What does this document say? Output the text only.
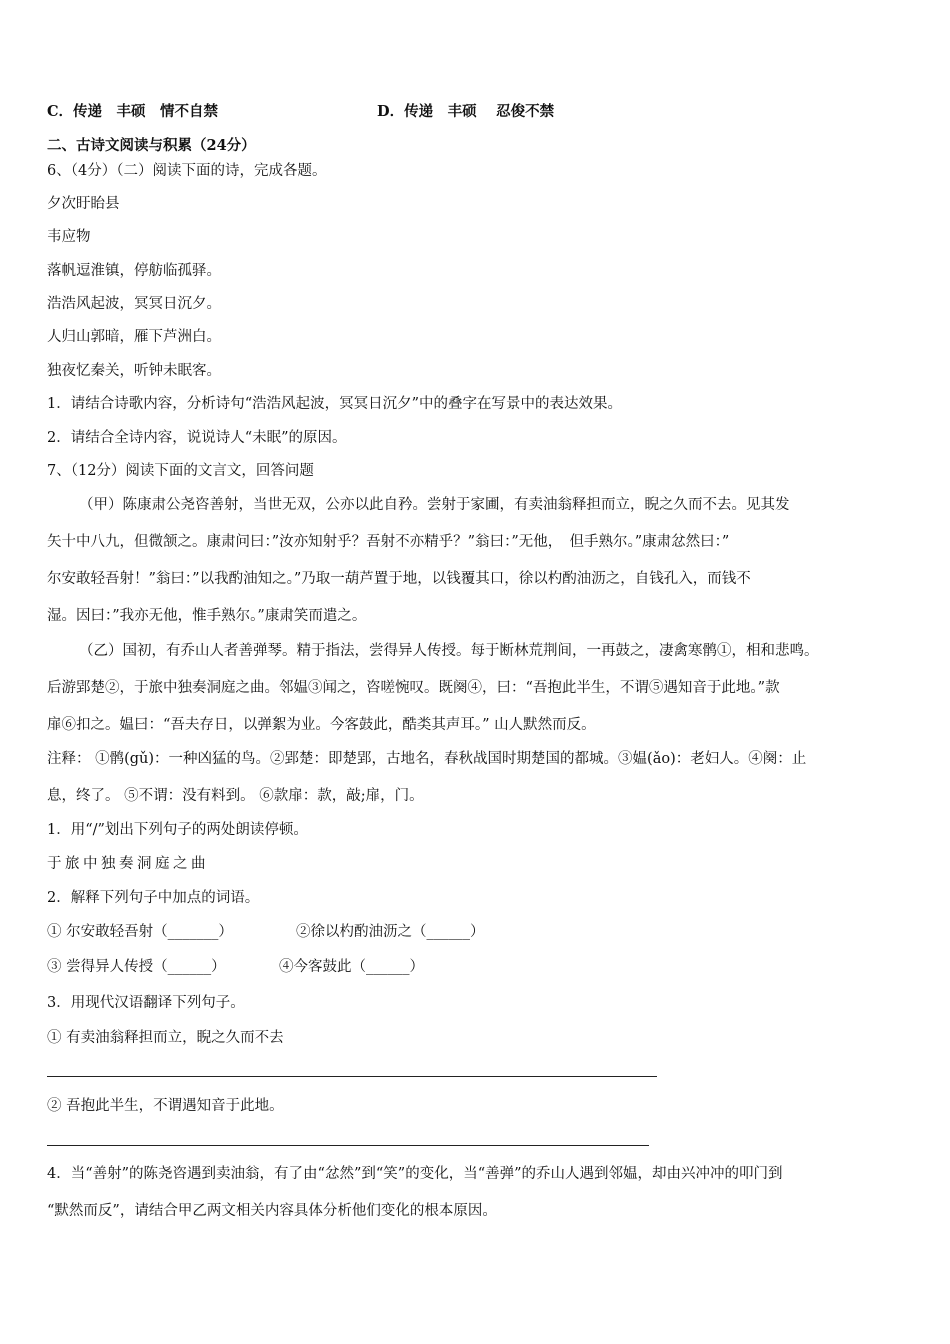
C．传递　丰硕　情不自禁	D．传递　丰硕　 忍俊不禁
二、古诗文阅读与积累（24分）
6、（4分）（二）阅读下面的诗，完成各题。
夕次盱眙县
韦应物
落帆逗淮镇，停舫临孤驿。
浩浩风起波，冥冥日沉夕。
人归山郭暗，雁下芦洲白。
独夜忆秦关，听钟未眠客。
1．请结合诗歌内容，分析诗句“浩浩风起波，冥冥日沉夕”中的叠字在写景中的表达效果。
2．请结合全诗内容，说说诗人“未眠”的原因。
7、（12分）阅读下面的文言文，回答问题
（甲）陈康肃公尧咨善射，当世无双，公亦以此自矜。尝射于家圃，有卖油翁释担而立，睨之久而不去。见其发
矢十中八九，但微颔之。康肃问曰：”汝亦知射乎？吾射不亦精乎？”翁曰：”无他，　但手熟尔。”康肃忿然曰：”
尔安敢轻吾射！”翁曰：”以我酌油知之。”乃取一葫芦置于地，以钱覆其口，徐以杓酌油沥之，自钱孔入，而钱不
湿。因曰：”我亦无他，惟手熟尔。”康肃笑而遣之。
（乙）国初，有乔山人者善弹琴。精于指法，尝得异人传授。每于断林荒荆间，一再鼓之，凄禽寒鹘①，相和悲鸣。
后游郢楚②，于旅中独奏洞庭之曲。邻媪③闻之，咨嗟惋叹。既阕④，曰：“吾抱此半生，不谓⑤遇知音于此地。”款
扉⑥扣之。媪曰：“吾夫存日，以弹絮为业。今客鼓此，酷类其声耳。” 山人默然而反。
注释： ①鹘(gǔ)：一种凶猛的鸟。②郢楚：即楚郢，古地名，春秋战国时期楚国的都城。③媪(ǎo)：老妇人。④阕：止
息，终了。 ⑤不谓：没有料到。 ⑥款扉：款，敲;扉，门。
1．用“/”划出下列句子的两处朗读停顿。
于旅中独奏洞庭之曲
2．解释下列句子中加点的词语。
① 尔安敢轻吾射（_______）	②徐以杓酌油沥之（______）
③ 尝得异人传授（______）	④今客鼓此（______）
3．用现代汉语翻译下列句子。
① 有卖油翁释担而立，睨之久而不去
② 吾抱此半生，不谓遇知音于此地。
4．当“善射”的陈尧咨遇到卖油翁，有了由“忿然”到“笑”的变化，当“善弹”的乔山人遇到邻媪，却由兴冲冲的叩门到
“默然而反”，请结合甲乙两文相关内容具体分析他们变化的根本原因。
